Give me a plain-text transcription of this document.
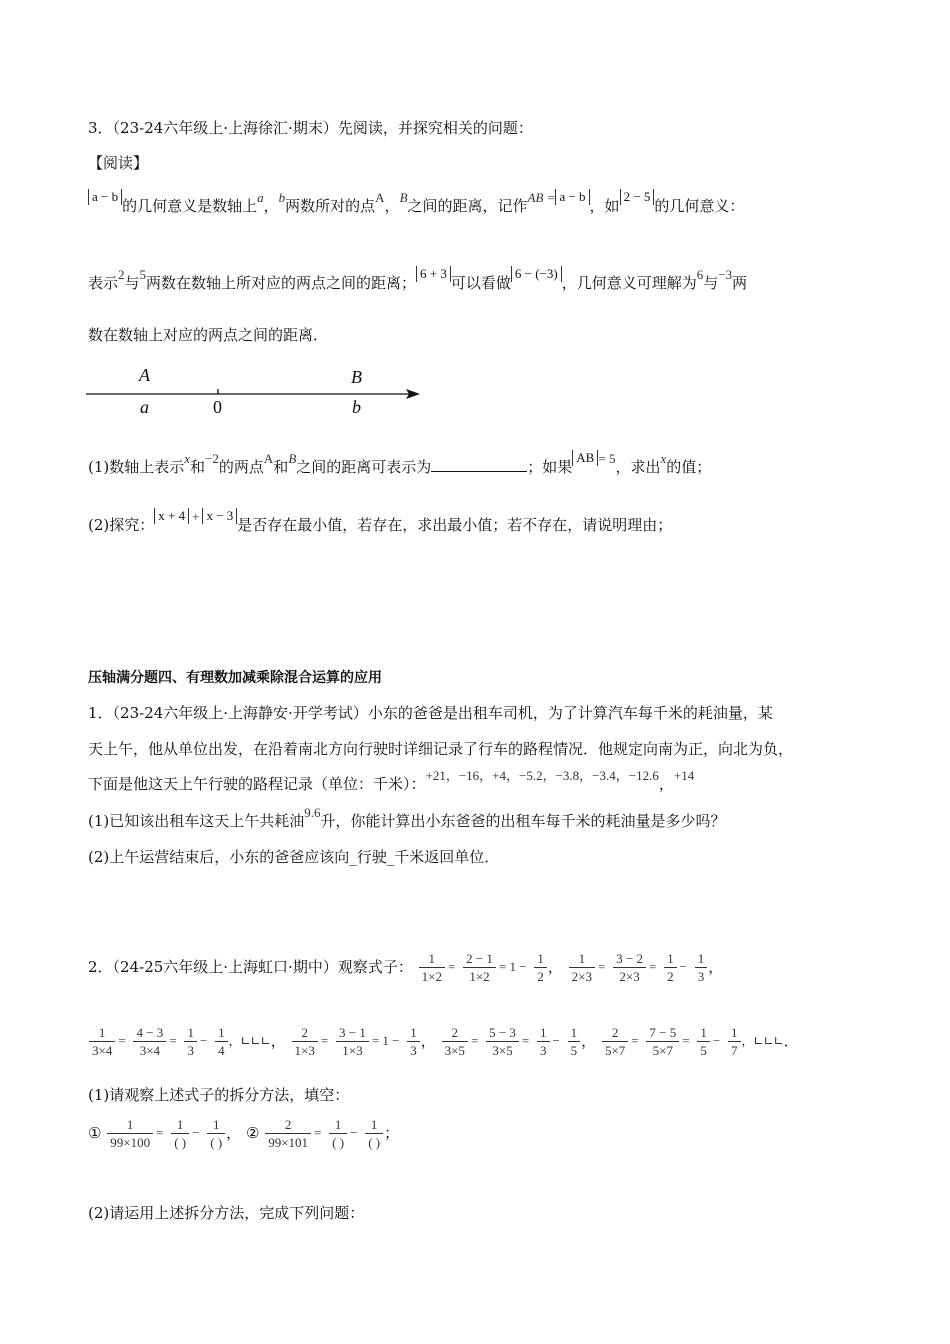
3．（23-24六年级上·上海徐汇·期末）先阅读，并探究相关的问题：
【阅读】
a − b的几何意义是数轴上a，b两数所对的点A，B之间的距离，记作AB = a − b，如2 − 5的几何意义：
表示2与5两数在数轴上所对应的两点之间的距离；6 + 3可以看做6 − (−3)，几何意义可理解为6与−3两
数在数轴上对应的两点之间的距离．
A
a	0
B
b
(1)数轴上表示x和−2的两点A和B之间的距离可表示为	；如果AB = 5，求出x的值；
(2)探究：x + 4 + x − 3是否存在最小值，若存在，求出最小值；若不存在，请说明理由；
压轴满分题四、有理数加减乘除混合运算的应用
1．（23-24六年级上·上海静安·开学考试）小东的爸爸是出租车司机，为了计算汽车每千米的耗油量，某
天上午，他从单位出发，在沿着南北方向行驶时详细记录了行车的路程情况．他规定向南为正，向北为负，
下面是他这天上午行驶的路程记录（单位：千米）：+21，−16，+4，−5.2，−3.8，−3.4，−12.6，+14
(1)已知该出租车这天上午共耗油9.6升，你能计算出小东爸爸的出租车每千米的耗油量是多少吗？
(2)上午运营结束后，小东的爸爸应该向_行驶_千米返回单位．
2．（24-25六年级上·上海虹口·期中）观察式子： $\frac{1}{1\times 2} = \frac{2 - 1}{1\times 2} = 1 - \frac{1}{2}$ ， $\frac{1}{2\times 3} = \frac{3 - 2}{2\times 3} = \frac{1}{2} - \frac{1}{3}$ ，
$\frac{1}{3\times 4} = \frac{4 - 3}{3\times 4} = \frac{1}{3} - \frac{1}{4}$ ，∟∟∟， $\frac{2}{1\times 3} = \frac{3 - 1}{1\times 3} = 1 - \frac{1}{3}$ ， $\frac{2}{3\times 5} = \frac{5 - 3}{3\times 5} = \frac{1}{3} - \frac{1}{5}$ ， $\frac{2}{5\times 7} = \frac{7 - 5}{5\times 7} = \frac{1}{5} - \frac{1}{7}$ ，∟∟∟．
(1)请观察上述式子的拆分方法，填空：
① $\frac{1}{99\times 100} = \frac{1}{( )} - \frac{1}{( )}$ ， ② $\frac{2}{99\times 101} = \frac{1}{( )} - \frac{1}{( )}$ ；
(2)请运用上述拆分方法，完成下列问题：
